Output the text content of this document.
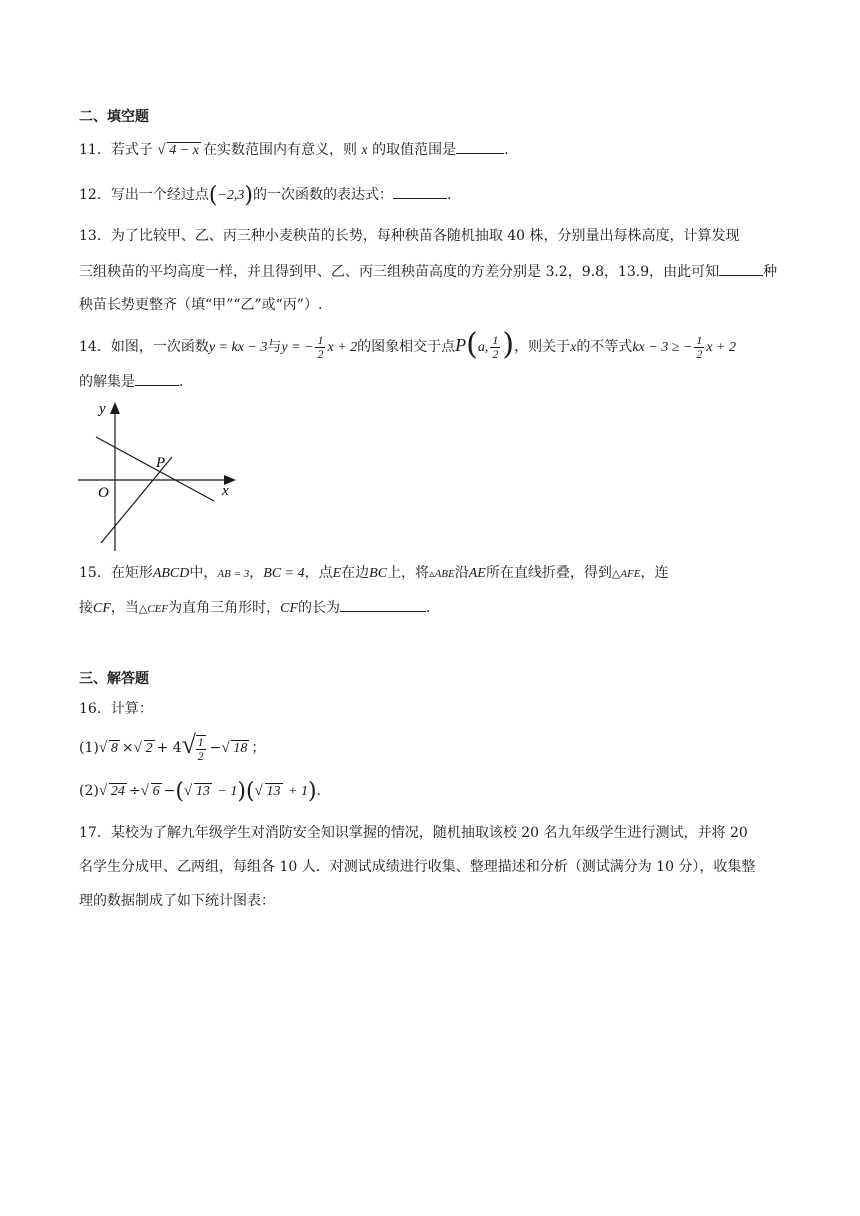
二、填空题
11．若式子 √ 4 − x 在实数范围内有意义，则 x 的取值范围是	.
12．写出一个经过点(−2,3)的一次函数的表达式：	.
13．为了比较甲、乙、丙三种小麦秧苗的长势，每种秧苗各随机抽取 40 株，分别量出每株高度，计算发现
三组秧苗的平均高度一样，并且得到甲、乙、丙三组秧苗高度的方差分别是 3.2，9.8，13.9，由此可知	种
秧苗长势更整齐（填“甲”“乙”或“丙”）.
14．如图，一次函数y = kx − 3与y = − $\frac{1}{2}$ x + 2的图象相交于点P(a, $\frac{1}{2}$ )，则关于x的不等式kx − 3 ≥ − $\frac{1}{2}$ x + 2
的解集是	.
y
x
O
P
15．在矩形ABCD中，AB = 3，BC = 4，点E在边BC上，将▵ABE沿AE所在直线折叠，得到△AFE，连
接CF，当△CEF为直角三角形时，CF的长为	.
三、解答题
16．计算：
(1) √ 8 × √ 2 + 4 √ $\frac{1}{2}$ − √ 18 ；
(2) √ 24 ÷ √ 6 −( √ 13 − 1)( √ 13 + 1).
17．某校为了解九年级学生对消防安全知识掌握的情况，随机抽取该校 20 名九年级学生进行测试，并将 20
名学生分成甲、乙两组，每组各 10 人．对测试成绩进行收集、整理描述和分析（测试满分为 10 分），收集整
理的数据制成了如下统计图表：
